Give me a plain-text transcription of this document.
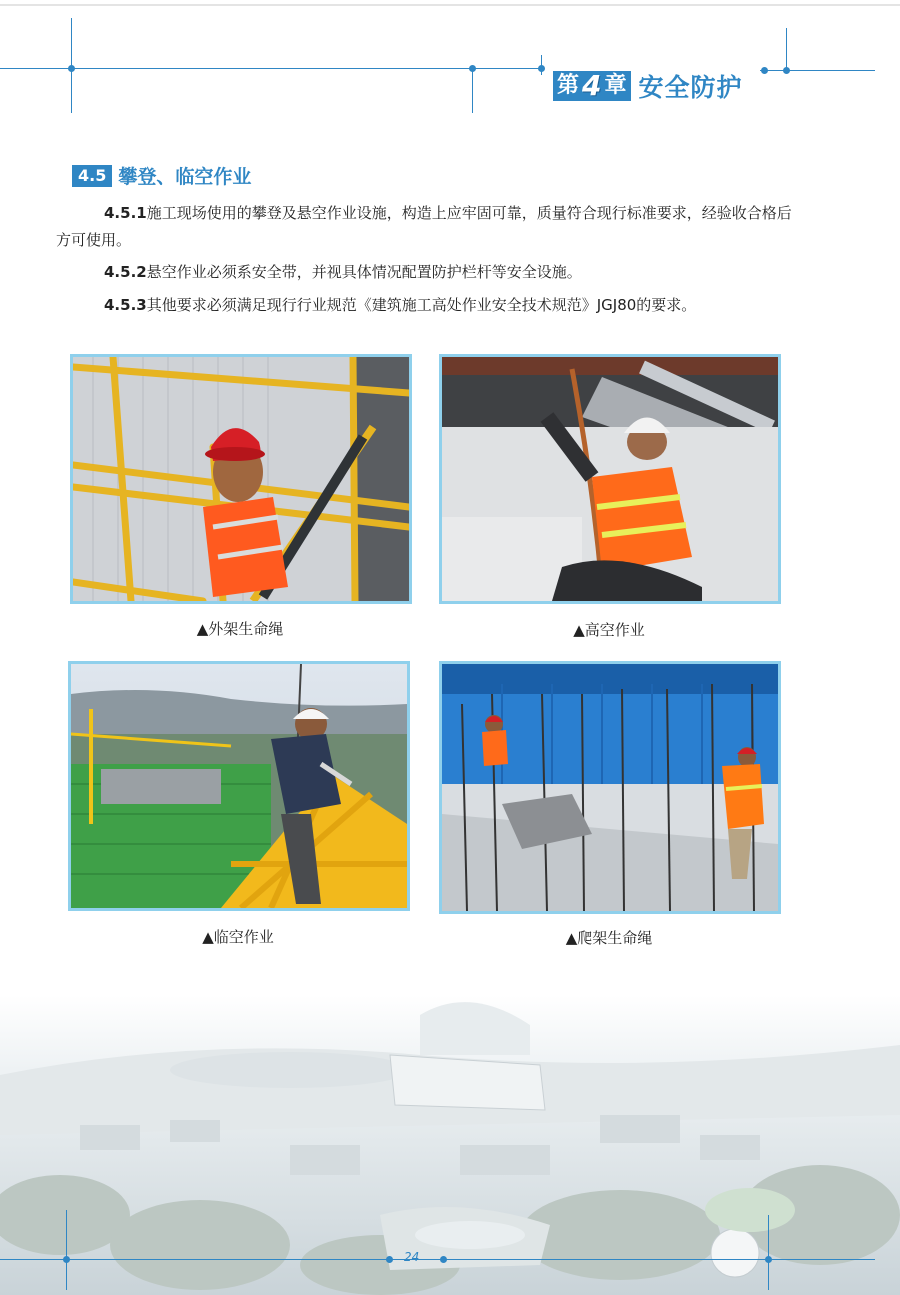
第 4 章 安全防护
4.5 攀登、临空作业
4.5.1施工现场使用的攀登及悬空作业设施，构造上应牢固可靠，质量符合现行标准要求，经验收合格后方可使用。
4.5.2悬空作业必须系安全带，并视具体情况配置防护栏杆等安全设施。
4.5.3其他要求必须满足现行行业规范《建筑施工高处作业安全技术规范》JGJ80的要求。
▲外架生命绳	▲高空作业
▲临空作业	▲爬架生命绳
24
